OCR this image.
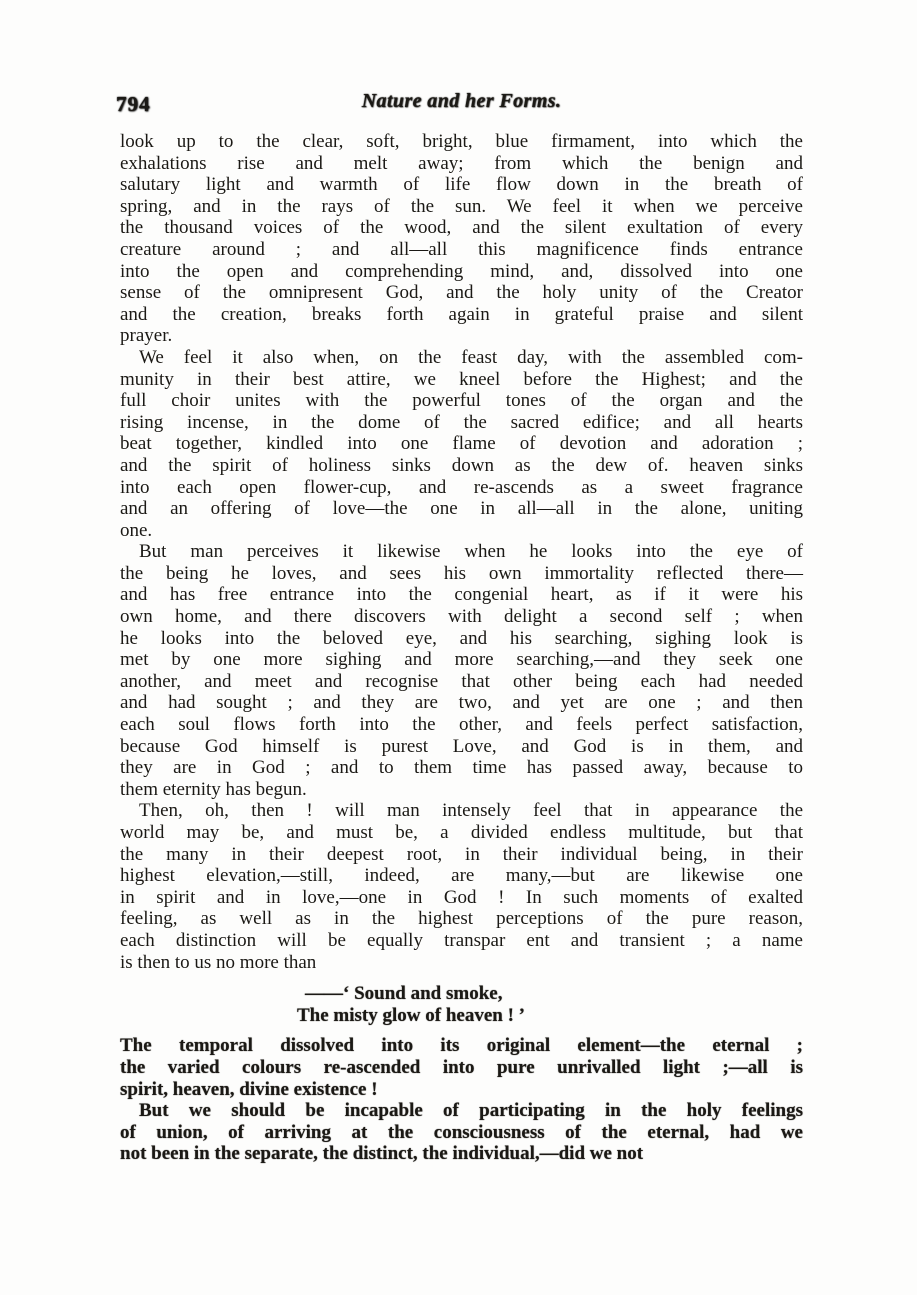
794	Nature and her Forms.
look up to the clear, soft, bright, blue firmament, into which the
exhalations rise and melt away; from which the benign and
salutary light and warmth of life flow down in the breath of
spring, and in the rays of the sun. We feel it when we perceive
the thousand voices of the wood, and the silent exultation of every
creature around ; and all—all this magnificence finds entrance
into the open and comprehending mind, and, dissolved into one
sense of the omnipresent God, and the holy unity of the Creator
and the creation, breaks forth again in grateful praise and silent
prayer.
We feel it also when, on the feast day, with the assembled com-
munity in their best attire, we kneel before the Highest; and the
full choir unites with the powerful tones of the organ and the
rising incense, in the dome of the sacred edifice; and all hearts
beat together, kindled into one flame of devotion and adoration ;
and the spirit of holiness sinks down as the dew of. heaven sinks
into each open flower-cup, and re-ascends as a sweet fragrance
and an offering of love—the one in all—all in the alone, uniting
one.
But man perceives it likewise when he looks into the eye of
the being he loves, and sees his own immortality reflected there—
and has free entrance into the congenial heart, as if it were his
own home, and there discovers with delight a second self ; when
he looks into the beloved eye, and his searching, sighing look is
met by one more sighing and more searching,—and they seek one
another, and meet and recognise that other being each had needed
and had sought ; and they are two, and yet are one ; and then
each soul flows forth into the other, and feels perfect satisfaction,
because God himself is purest Love, and God is in them, and
they are in God ; and to them time has passed away, because to
them eternity has begun.
Then, oh, then ! will man intensely feel that in appearance the
world may be, and must be, a divided endless multitude, but that
the many in their deepest root, in their individual being, in their
highest elevation,—still, indeed, are many,—but are likewise one
in spirit and in love,—one in God ! In such moments of exalted
feeling, as well as in the highest perceptions of the pure reason,
each distinction will be equally transpar ent and transient ; a name
is then to us no more than
——‘ Sound and smoke,
The misty glow of heaven ! ’
The temporal dissolved into its original element—the eternal ;
the varied colours re-ascended into pure unrivalled light ;—all is
spirit, heaven, divine existence !
But we should be incapable of participating in the holy feelings
of union, of arriving at the consciousness of the eternal, had we
not been in the separate, the distinct, the individual,—did we not
